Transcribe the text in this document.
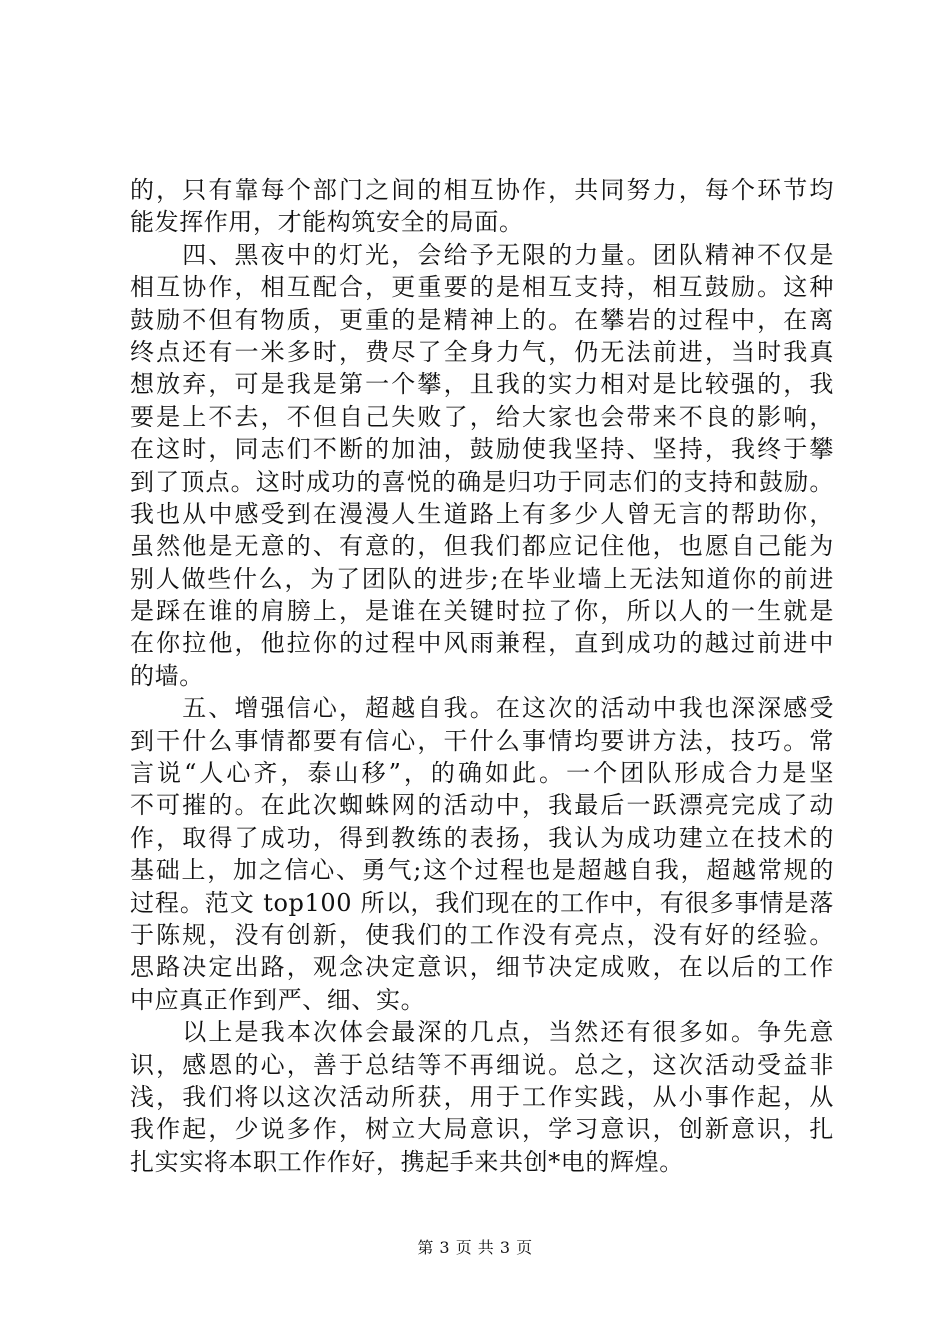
的，只有靠每个部门之间的相互协作，共同努力，每个环节均
能发挥作用，才能构筑安全的局面。
　　四、黑夜中的灯光，会给予无限的力量。团队精神不仅是
相互协作，相互配合，更重要的是相互支持，相互鼓励。这种
鼓励不但有物质，更重的是精神上的。在攀岩的过程中，在离
终点还有一米多时，费尽了全身力气，仍无法前进，当时我真
想放弃，可是我是第一个攀，且我的实力相对是比较强的，我
要是上不去，不但自己失败了，给大家也会带来不良的影响，
在这时，同志们不断的加油，鼓励使我坚持、坚持，我终于攀
到了顶点。这时成功的喜悦的确是归功于同志们的支持和鼓励。
我也从中感受到在漫漫人生道路上有多少人曾无言的帮助你，
虽然他是无意的、有意的，但我们都应记住他，也愿自己能为
别人做些什么，为了团队的进步;在毕业墙上无法知道你的前进
是踩在谁的肩膀上，是谁在关键时拉了你，所以人的一生就是
在你拉他，他拉你的过程中风雨兼程，直到成功的越过前进中
的墙。
　　五、增强信心，超越自我。在这次的活动中我也深深感受
到干什么事情都要有信心，干什么事情均要讲方法，技巧。常
言说“人心齐，泰山移”，的确如此。一个团队形成合力是坚
不可摧的。在此次蜘蛛网的活动中，我最后一跃漂亮完成了动
作，取得了成功，得到教练的表扬，我认为成功建立在技术的
基础上，加之信心、勇气;这个过程也是超越自我，超越常规的
过程。范文 top100 所以，我们现在的工作中，有很多事情是落
于陈规，没有创新，使我们的工作没有亮点，没有好的经验。
思路决定出路，观念决定意识，细节决定成败，在以后的工作
中应真正作到严、细、实。
　　以上是我本次体会最深的几点，当然还有很多如。争先意
识，感恩的心，善于总结等不再细说。总之，这次活动受益非
浅，我们将以这次活动所获，用于工作实践，从小事作起，从
我作起，少说多作，树立大局意识，学习意识，创新意识，扎
扎实实将本职工作作好，携起手来共创*电的辉煌。
第 3 页 共 3 页
